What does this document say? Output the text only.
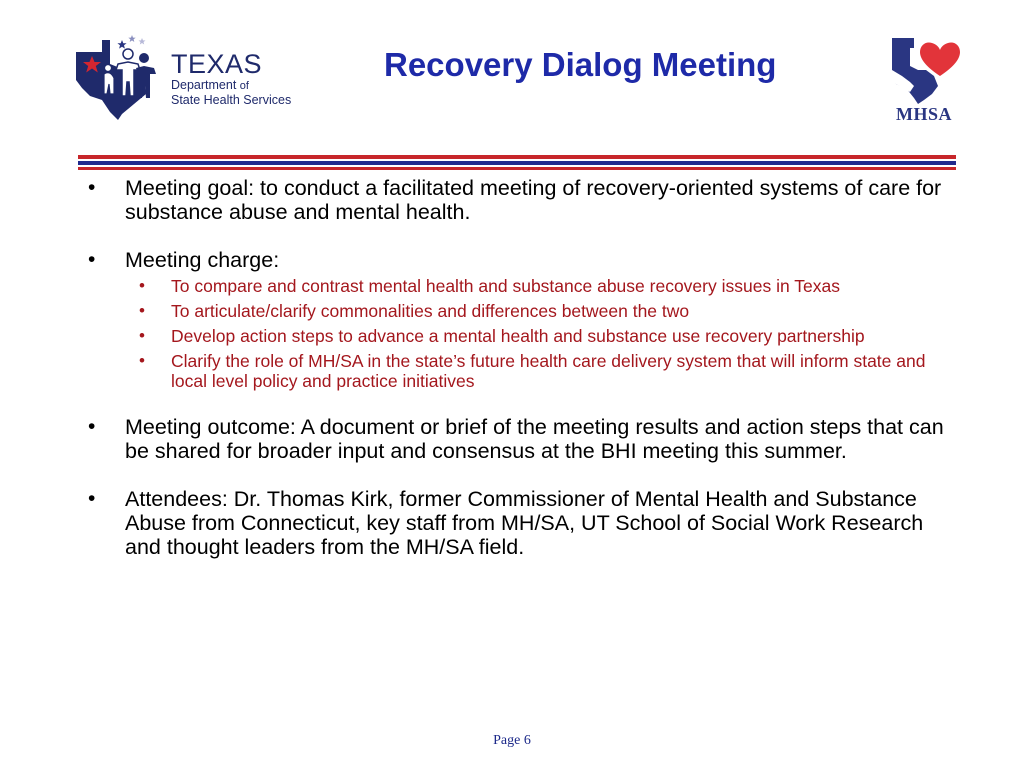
TEXAS
Department of
State Health Services
Recovery Dialog Meeting
MHSA
• Meeting goal: to conduct a facilitated meeting of recovery-oriented systems of care for substance abuse and mental health.
• Meeting charge:
• To compare and contrast mental health and substance abuse recovery issues in Texas
• To articulate/clarify commonalities and differences between the two
• Develop action steps to advance a mental health and substance use recovery partnership
• Clarify the role of MH/SA in the state’s future health care delivery system that will inform state and local level policy and practice initiatives
• Meeting outcome: A document or brief of the meeting results and action steps that can be shared for broader input and consensus at the BHI meeting this summer.
• Attendees: Dr. Thomas Kirk, former Commissioner of Mental Health and Substance Abuse from Connecticut, key staff from MH/SA, UT School of Social Work Research and thought leaders from the MH/SA field.
Page 6
